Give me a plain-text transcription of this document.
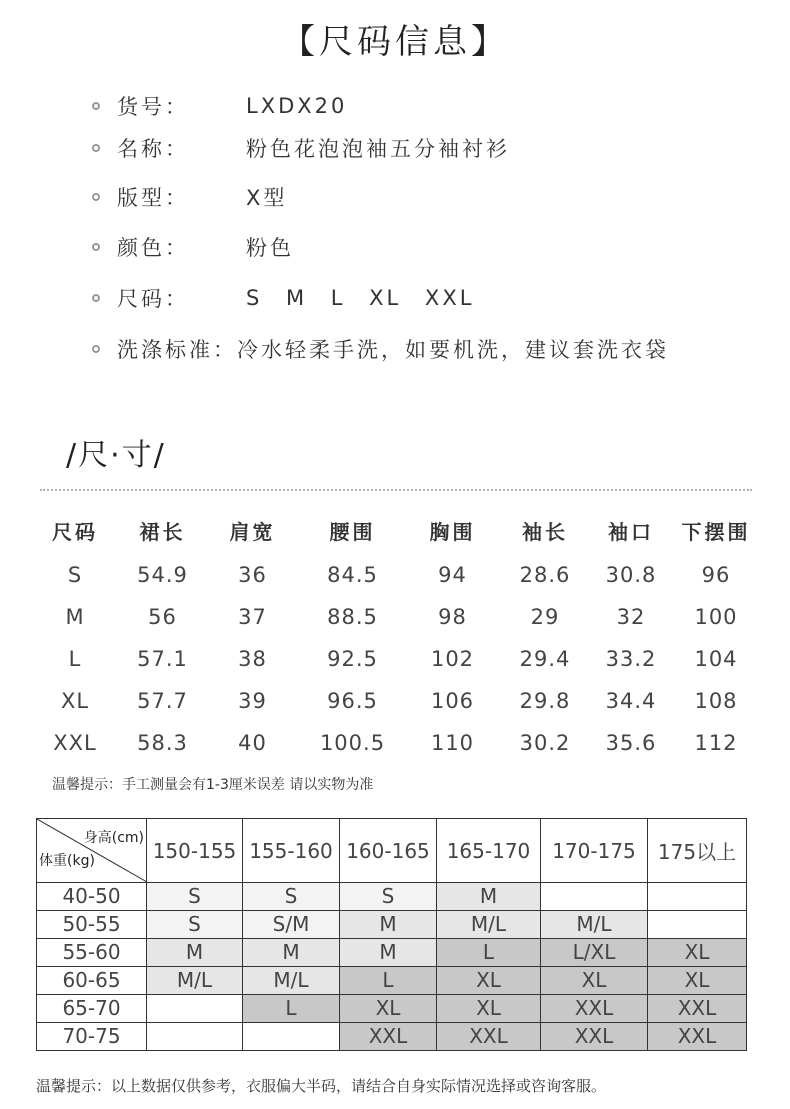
【尺码信息】
货号：	LXDX20
名称：	粉色花泡泡袖五分袖衬衫
版型：	X型
颜色：	粉色
尺码：	S M L XL XXL
洗涤标准： 冷水轻柔手洗，如要机洗，建议套洗衣袋
/尺·寸/
尺码	裙长	肩宽	腰围	胸围	袖长	袖口	下摆围
S	54.9	36	84.5	94	28.6	30.8	96
M	56	37	88.5	98	29	32	100
L	57.1	38	92.5	102	29.4	33.2	104
XL	57.7	39	96.5	106	29.8	34.4	108
XXL	58.3	40	100.5	110	30.2	35.6	112
温馨提示：手工测量会有1-3厘米误差 请以实物为准
身高(cm)
体重(kg)	150-155	155-160	160-165	165-170	170-175	175以上
40-50	S	S	S	M		
50-55	S	S/M	M	M/L	M/L	
55-60	M	M	M	L	L/XL	XL
60-65	M/L	M/L	L	XL	XL	XL
65-70		L	XL	XL	XXL	XXL
70-75			XXL	XXL	XXL	XXL
温馨提示：以上数据仅供参考，衣服偏大半码，请结合自身实际情况选择或咨询客服。
